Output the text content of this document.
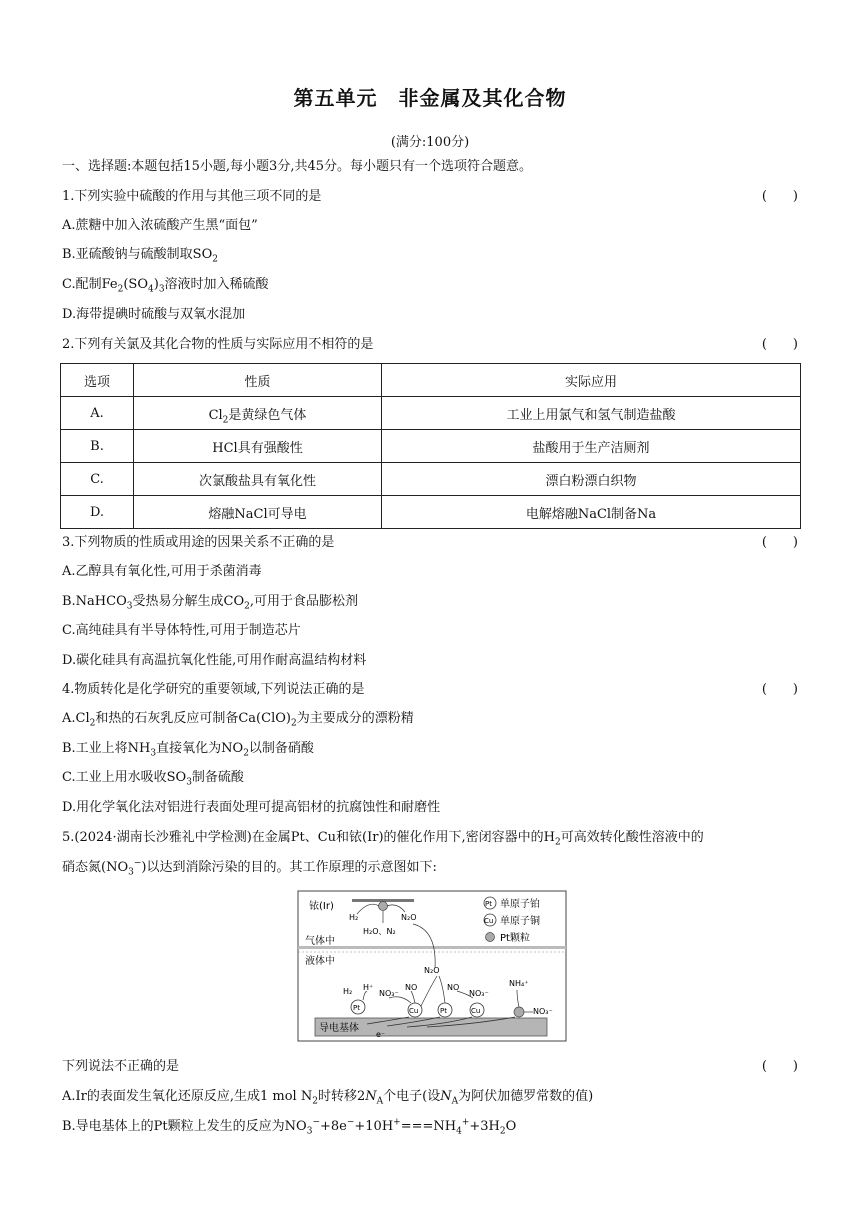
第五单元　非金属及其化合物
(满分:100分)
一、选择题:本题包括15小题,每小题3分,共45分。每小题只有一个选项符合题意。
1.下列实验中硫酸的作用与其他三项不同的是	(　　)
A.蔗糖中加入浓硫酸产生黑“面包”
B.亚硫酸钠与硫酸制取$SO_2$
C.配制$Fe_2(SO_4)_3$溶液时加入稀硫酸
D.海带提碘时硫酸与双氧水混加
2.下列有关氯及其化合物的性质与实际应用不相符的是	(　　)
选项	性质	实际应用
A.	$Cl_2$是黄绿色气体	工业上用氯气和氢气制造盐酸
B.	HCl具有强酸性	盐酸用于生产洁厕剂
C.	次氯酸盐具有氧化性	漂白粉漂白织物
D.	熔融NaCl可导电	电解熔融NaCl制备Na
3.下列物质的性质或用途的因果关系不正确的是	(　　)
A.乙醇具有氧化性,可用于杀菌消毒
B.NaHCO$_3$受热易分解生成$CO_2$,可用于食品膨松剂
C.高纯硅具有半导体特性,可用于制造芯片
D.碳化硅具有高温抗氧化性能,可用作耐高温结构材料
4.物质转化是化学研究的重要领域,下列说法正确的是	(　　)
$A.Cl_2$和热的石灰乳反应可制备$Ca(ClO)_2$为主要成分的漂粉精
B.工业上将$NH_3$直接氧化为$NO_2$以制备硝酸
C.工业上用水吸收$SO_3$制备硫酸
D.用化学氧化法对铝进行表面处理可提高铝材的抗腐蚀性和耐磨性
5.(2024·湖南长沙雅礼中学检测)在金属Pt、Cu和铱(Ir)的催化作用下,密闭容器中的$H_2$可高效转化酸性溶液中的
硝态氮$(NO_3^-)$以达到消除污染的目的。其工作原理的示意图如下:
导电基体
铱(Ir)
H₂	N₂O
H₂O、N₂
Pt 单原子铂
Cu 单原子铜
Pt颗粒
气体中
液体中
N₂O
Pt	Cu	Pt	Cu
H₂ H⁺
NO₃⁻
NO	NO
NO₃⁻
NH₄⁺
NO₃⁻
e⁻
下列说法不正确的是	(　　)
A.Ir的表面发生氧化还原反应,生成1 mol $N_2$时转移$2N_A$个电子(设$N_A$为阿伏加德罗常数的值)
B.导电基体上的Pt颗粒上发生的反应为$NO_3^-+8e^-+10H^+===NH_4^++3H_2O$
